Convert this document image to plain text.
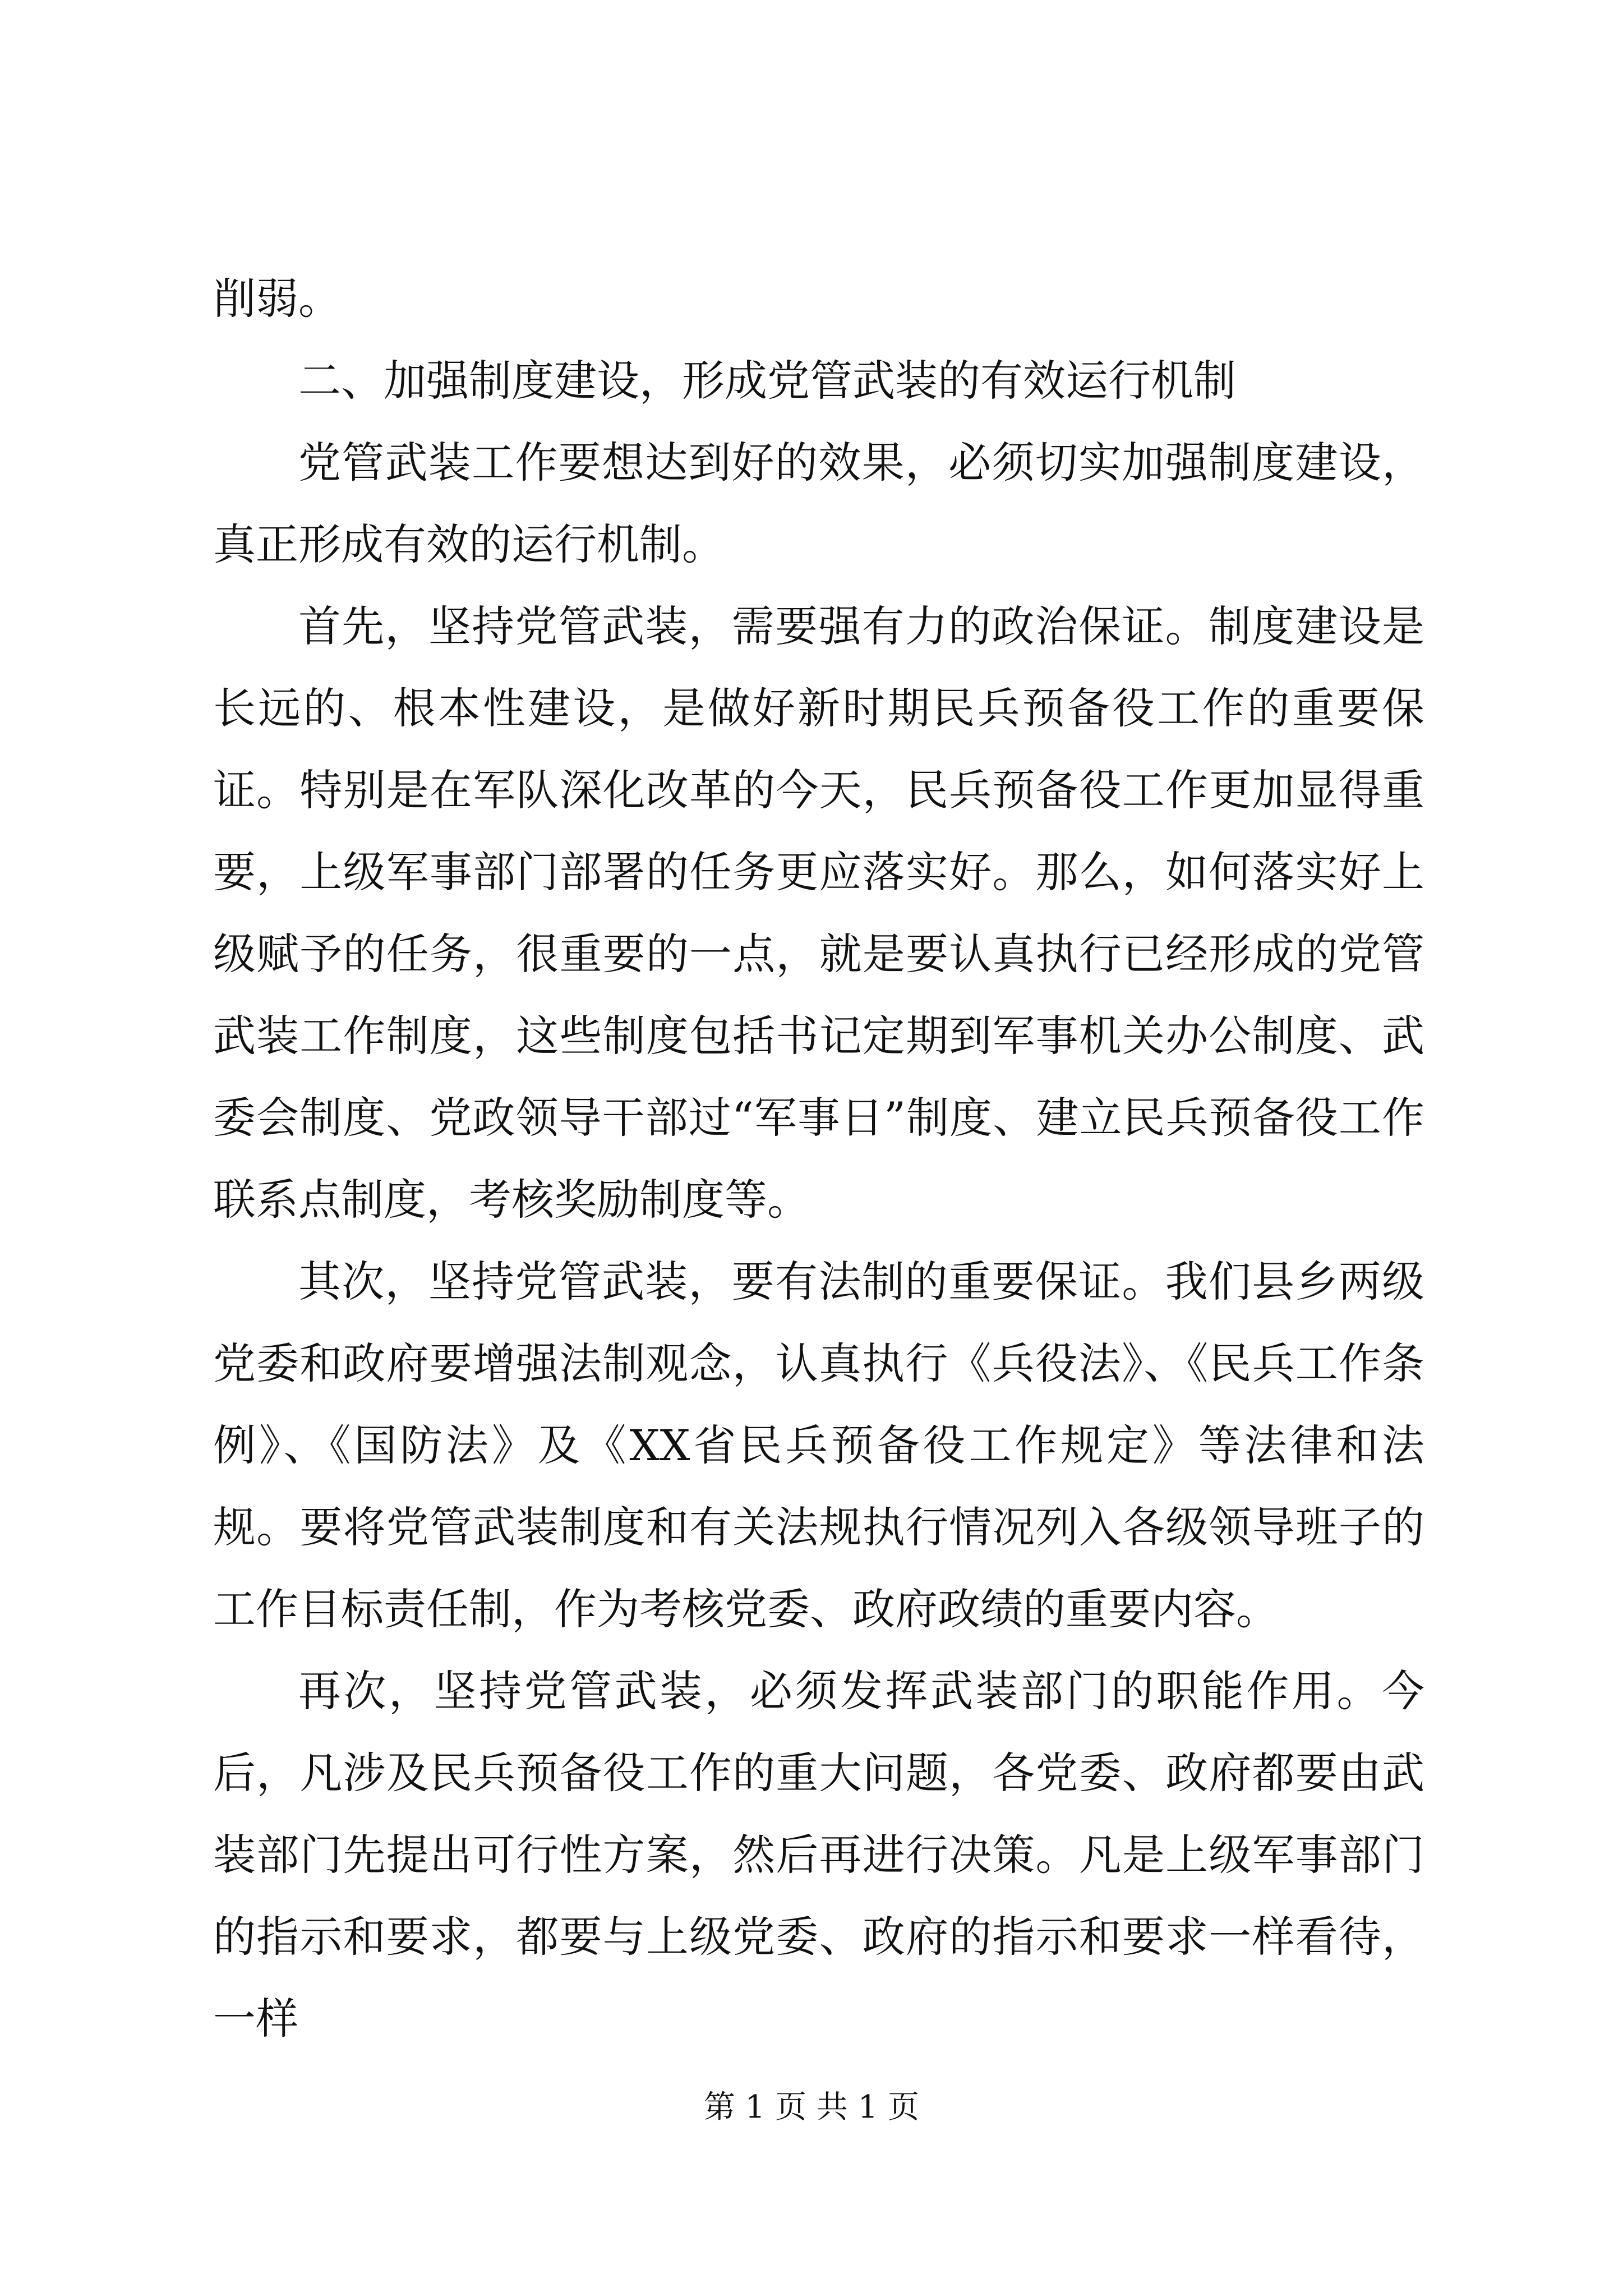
削弱。

二、加强制度建设，形成党管武装的有效运行机制

党管武装工作要想达到好的效果，必须切实加强制度建设，真正形成有效的运行机制。

首先，坚持党管武装，需要强有力的政治保证。制度建设是长远的、根本性建设，是做好新时期民兵预备役工作的重要保证。特别是在军队深化改革的今天，民兵预备役工作更加显得重要，上级军事部门部署的任务更应落实好。那么，如何落实好上级赋予的任务，很重要的一点，就是要认真执行已经形成的党管武装工作制度，这些制度包括书记定期到军事机关办公制度、武委会制度、党政领导干部过“军事日”制度、建立民兵预备役工作联系点制度，考核奖励制度等。

其次，坚持党管武装，要有法制的重要保证。我们县乡两级党委和政府要增强法制观念，认真执行《兵役法》、《民兵工作条例》、《国防法》及《XX省民兵预备役工作规定》等法律和法规。要将党管武装制度和有关法规执行情况列入各级领导班子的工作目标责任制，作为考核党委、政府政绩的重要内容。

再次，坚持党管武装，必须发挥武装部门的职能作用。今后，凡涉及民兵预备役工作的重大问题，各党委、政府都要由武装部门先提出可行性方案，然后再进行决策。凡是上级军事部门的指示和要求，都要与上级党委、政府的指示和要求一样看待，一样

第 1 页 共 1 页
